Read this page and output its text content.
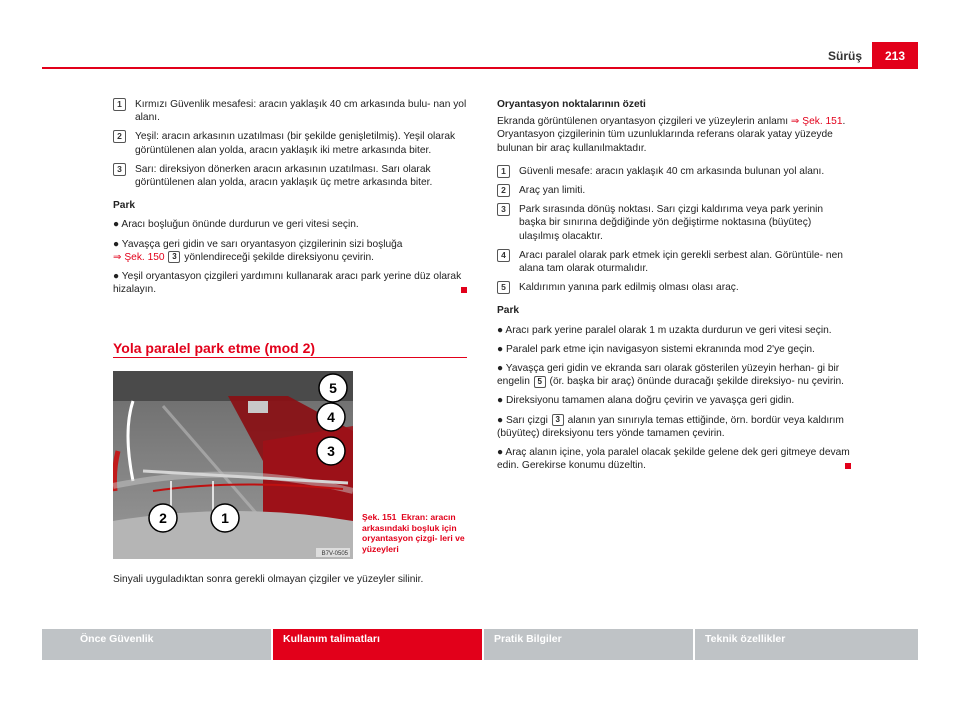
Sürüş	213
1	Kırmızı Güvenlik mesafesi: aracın yaklaşık 40 cm arkasında bulu- nan yol alanı.
2	Yeşil: aracın arkasının uzatılması (bir şekilde genişletilmiş). Yeşil olarak görüntülenen alan yolda, aracın yaklaşık iki metre arkasında biter.
3	Sarı: direksiyon dönerken aracın arkasının uzatılması. Sarı olarak görüntülenen alan yolda, aracın yaklaşık üç metre arkasında biter.

Park

● Aracı boşluğun önünde durdurun ve geri vitesi seçin.

● Yavaşça geri gidin ve sarı oryantasyon çizgilerinin sizi boşluğa
⇒ Şek. 150 3 yönlendireceği şekilde direksiyonu çevirin.

● Yeşil oryantasyon çizgileri yardımını kullanarak aracı park yerine düz olarak hizalayın.

Yola paralel park etme (mod 2)
5
4
3
2	1
B7V-0505
Şek. 151 Ekran: aracın arkasındaki boşluk için oryantasyon çizgi- leri ve yüzeyleri
Sinyali uyguladıktan sonra gerekli olmayan çizgiler ve yüzeyler silinir.

Oryantasyon noktalarının özeti

Ekranda görüntülenen oryantasyon çizgileri ve yüzeylerin anlamı ⇒ Şek. 151. Oryantasyon çizgilerinin tüm uzunluklarında referans olarak yatay yüzeyde bulunan bir araç kullanılmaktadır.

1	Güvenli mesafe: aracın yaklaşık 40 cm arkasında bulunan yol alanı.
2	Araç yan limiti.
3	Park sırasında dönüş noktası. Sarı çizgi kaldırıma veya park yerinin başka bir sınırına değdiğinde yön değiştirme noktasına (büyüteç) ulaşılmış olacaktır.
4	Aracı paralel olarak park etmek için gerekli serbest alan. Görüntüle- nen alana tam olarak oturmalıdır.
5	Kaldırımın yanına park edilmiş olması olası araç.

Park

● Aracı park yerine paralel olarak 1 m uzakta durdurun ve geri vitesi seçin.

● Paralel park etme için navigasyon sistemi ekranında mod 2'ye geçin.

● Yavaşça geri gidin ve ekranda sarı olarak gösterilen yüzeyin herhan- gi bir engelin 5 (ör. başka bir araç) önünde duracağı şekilde direksiyo- nu çevirin.

● Direksiyonu tamamen alana doğru çevirin ve yavaşça geri gidin.

● Sarı çizgi 3 alanın yan sınırıyla temas ettiğinde, örn. bordür veya kaldırım (büyüteç) direksiyonu ters yönde tamamen çevirin.

● Araç alanın içine, yola paralel olacak şekilde gelene dek geri gitmeye devam edin. Gerekirse konumu düzeltin.

Önce Güvenlik	Kullanım talimatları	Pratik Bilgiler	Teknik özellikler
